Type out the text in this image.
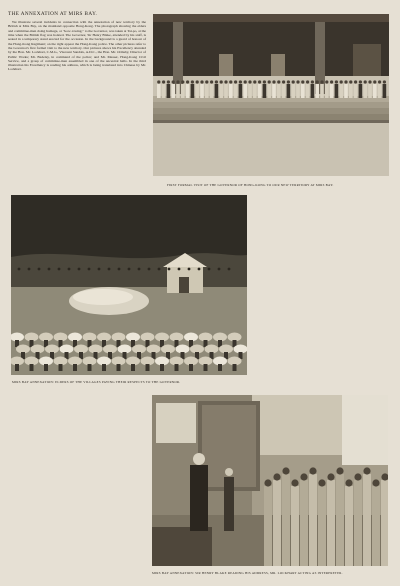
THE ANNEXATION AT MIRS BAY.

We illustrate several incidents in connection with the annexation of new territory by the British at Mirs Bay, on the mainland opposite Hong-Kong. The photograph showing the elders and committee-men doing homage, or "kow-towing," to the Governor, was taken at Tai-po, at the time when the British flag was hoisted. The Governor, Sir Henry Blake, attended by his staff, is seated in a temporary stand erected for the occasion. In the background is a guard of honour of the Hong-Kong Regiment; on the right appear the Hong-Kong police. The other pictures refer to the Governor's first formal visit to the new territory. Our pictures shows his Excellency attended by the Hon. Mr. Lockhart, C.M.G., Viscount Sandals, A.D.C., the Hon. Mr. Ormsby, Director of Public Works; Mr. Badeley, in command of the police; and Mr. Messer, Hong-Kong Civil Service, and a group of committee-men assembled in one of the ancestral halls. In the third illustration his Excellency is reading his address, which is being translated into Chinese by Mr. Lockhart.

FIRST FORMAL VISIT OF THE GOVERNOR OF HONG-KONG TO OUR NEW TERRITORY AT MIRS BAY.

MIRS BAY ANNEXATION: ELDERS OF THE VILLAGES PAYING THEIR RESPECTS TO THE GOVERNOR.

MIRS BAY ANNEXATION: SIR HENRY BLAKE READING HIS ADDRESS, MR. LOCKHART ACTING AS INTERPRETER.
